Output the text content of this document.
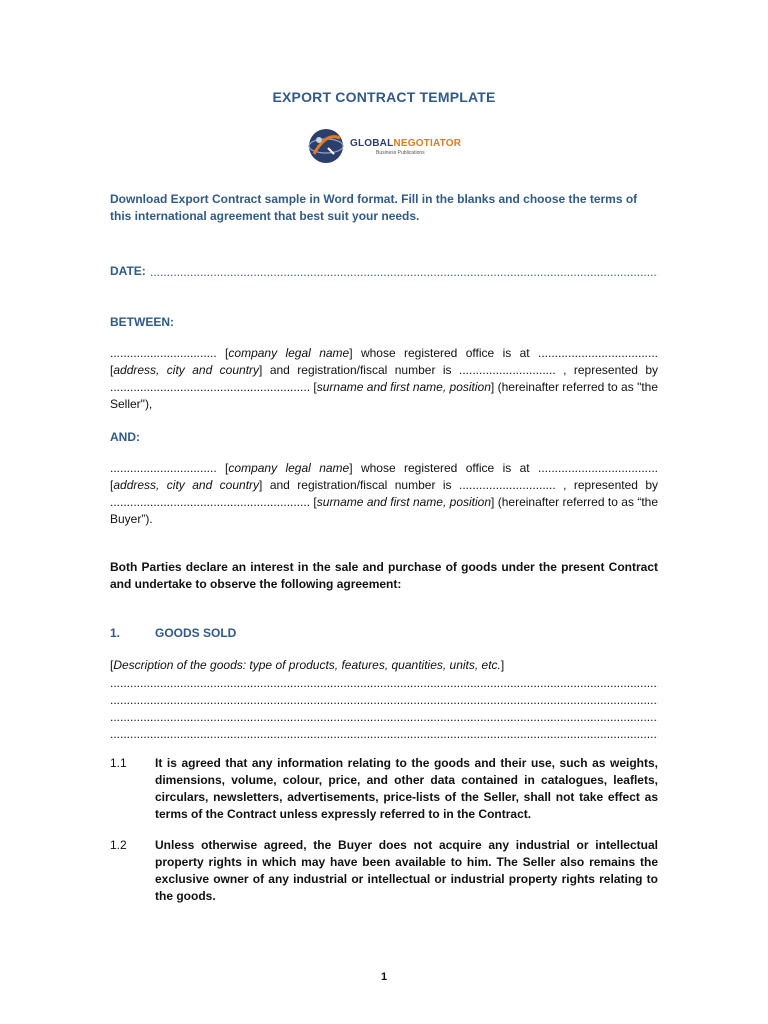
EXPORT CONTRACT TEMPLATE
GLOBALNEGOTIATOR
Business Publications
Download Export Contract sample in Word format. Fill in the blanks and choose the terms of this international agreement that best suit your needs.
DATE:
.....
BETWEEN:

................................ [company legal name] whose registered office is at .................................... [address, city and country] and registration/fiscal number is ............................. , represented by ............................................................ [surname and first name, position] (hereinafter referred to as "the Seller"),

AND:

................................ [company legal name] whose registered office is at .................................... [address, city and country] and registration/fiscal number is ............................. , represented by ............................................................ [surname and first name, position] (hereinafter referred to as “the Buyer”).

Both Parties declare an interest in the sale and purchase of goods under the present Contract and undertake to observe the following agreement:
1.	GOODS SOLD
[Description of the goods: type of products, features, quantities, units, etc.]
.....
.....
.....
.....
1.1 It is agreed that any information relating to the goods and their use, such as weights, dimensions, volume, colour, price, and other data contained in catalogues, leaflets, circulars, newsletters, advertisements, price-lists of the Seller, shall not take effect as terms of the Contract unless expressly referred to in the Contract.
1.2 Unless otherwise agreed, the Buyer does not acquire any industrial or intellectual property rights in which may have been available to him. The Seller also remains the exclusive owner of any industrial or intellectual or industrial property rights relating to the goods.
1
